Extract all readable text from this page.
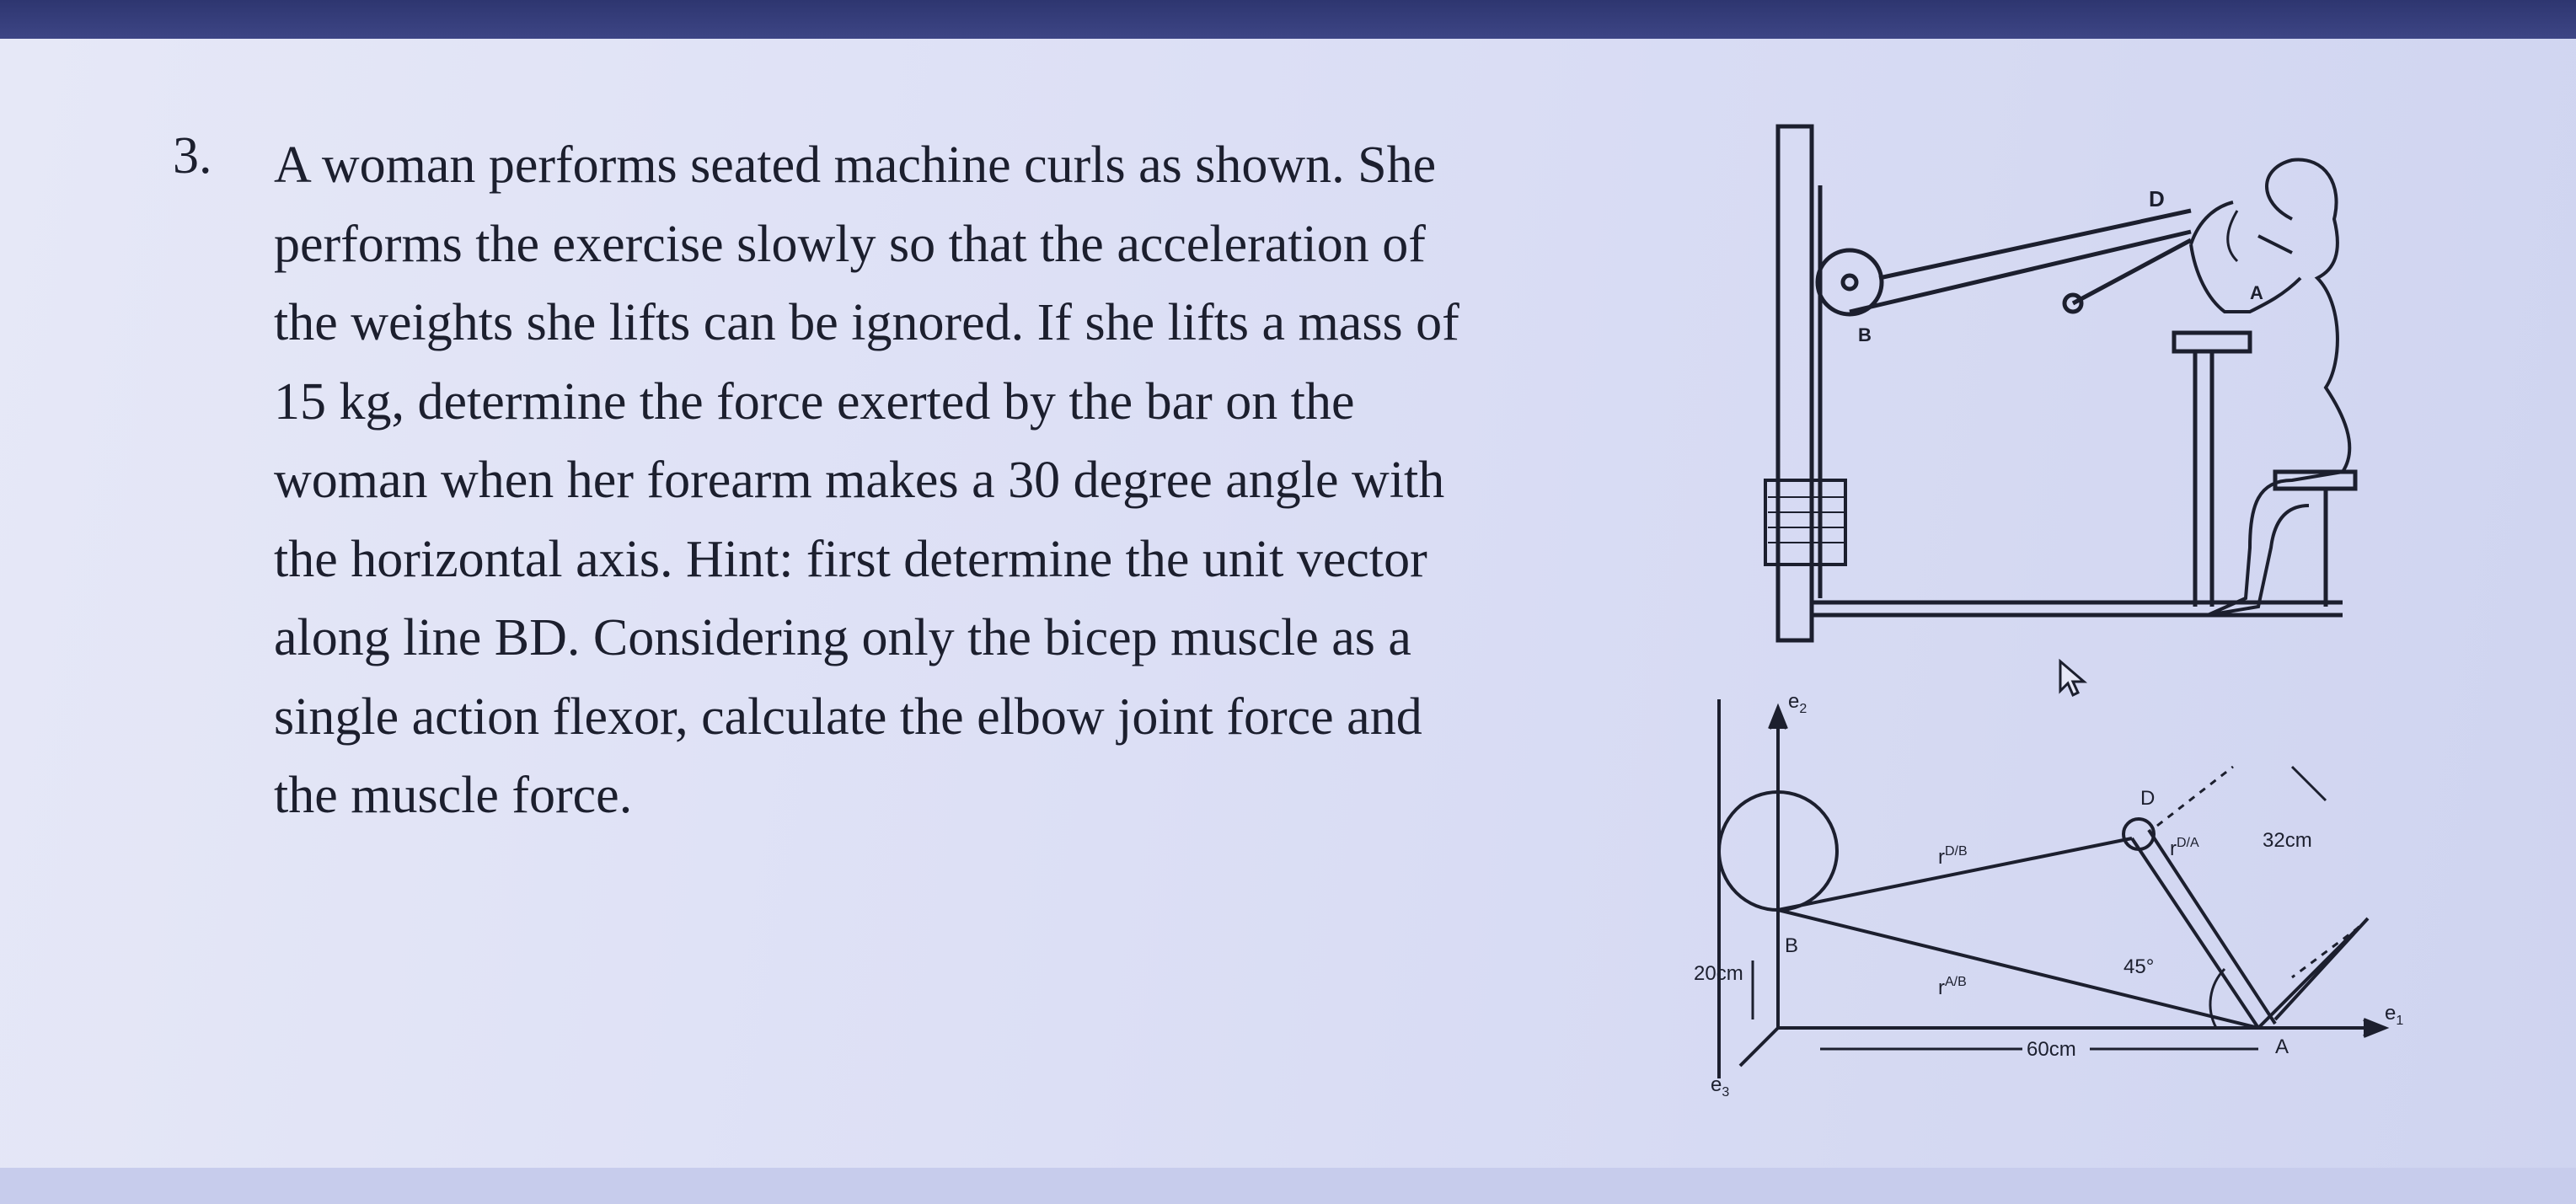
3. A woman performs seated machine curls as shown. She
performs the exercise slowly so that the acceleration of
the weights she lifts can be ignored. If she lifts a mass of
15 kg, determine the force exerted by the bar on the
woman when her forearm makes a 30 degree angle with
the horizontal axis. Hint: first determine the unit vector
along line BD. Considering only the bicep muscle as a
single action flexor, calculate the elbow joint force and
the muscle force.
D
A
B
$e_2$
$e_1$
$e_3$
B
D
A
20cm
60cm
32cm
45°
$r^{D/B}$
$r^{A/B}$
$r^{D/A}$
